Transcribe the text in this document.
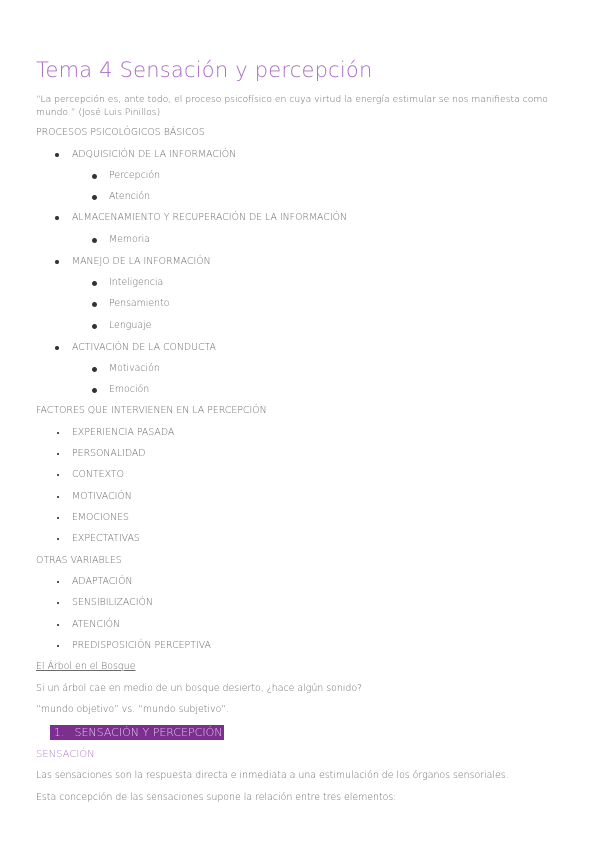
Tema 4 Sensación y percepción
“La percepción es, ante todo, el proceso psicofísico en cuya virtud la energía estimular se nos manifiesta como mundo.” (José Luis Pinillos)
PROCESOS PSICOLÓGICOS BÁSICOS
ADQUISICIÓN DE LA INFORMACIÓN
Percepción
Atención
ALMACENAMIENTO Y RECUPERACIÓN DE LA INFORMACIÓN
Memoria
MANEJO DE LA INFORMACIÓN
Inteligencia
Pensamiento
Lenguaje
ACTIVACIÓN DE LA CONDUCTA
Motivación
Emoción
FACTORES QUE INTERVIENEN EN LA PERCEPCIÓN
EXPERIENCIA PASADA
PERSONALIDAD
CONTEXTO
MOTIVACIÓN
EMOCIONES
EXPECTATIVAS
OTRAS VARIABLES
ADAPTACIÓN
SENSIBILIZACIÓN
ATENCIÓN
PREDISPOSICIÓN PERCEPTIVA
El Árbol en el Bosque
Si un árbol cae en medio de un bosque desierto, ¿hace algún sonido?
“mundo objetivo” vs. “mundo subjetivo”.
1. SENSACIÓN Y PERCEPCIÓN
SENSACIÓN
Las sensaciones son la respuesta directa e inmediata a una estimulación de los órganos sensoriales.
Esta concepción de las sensaciones supone la relación entre tres elementos:
